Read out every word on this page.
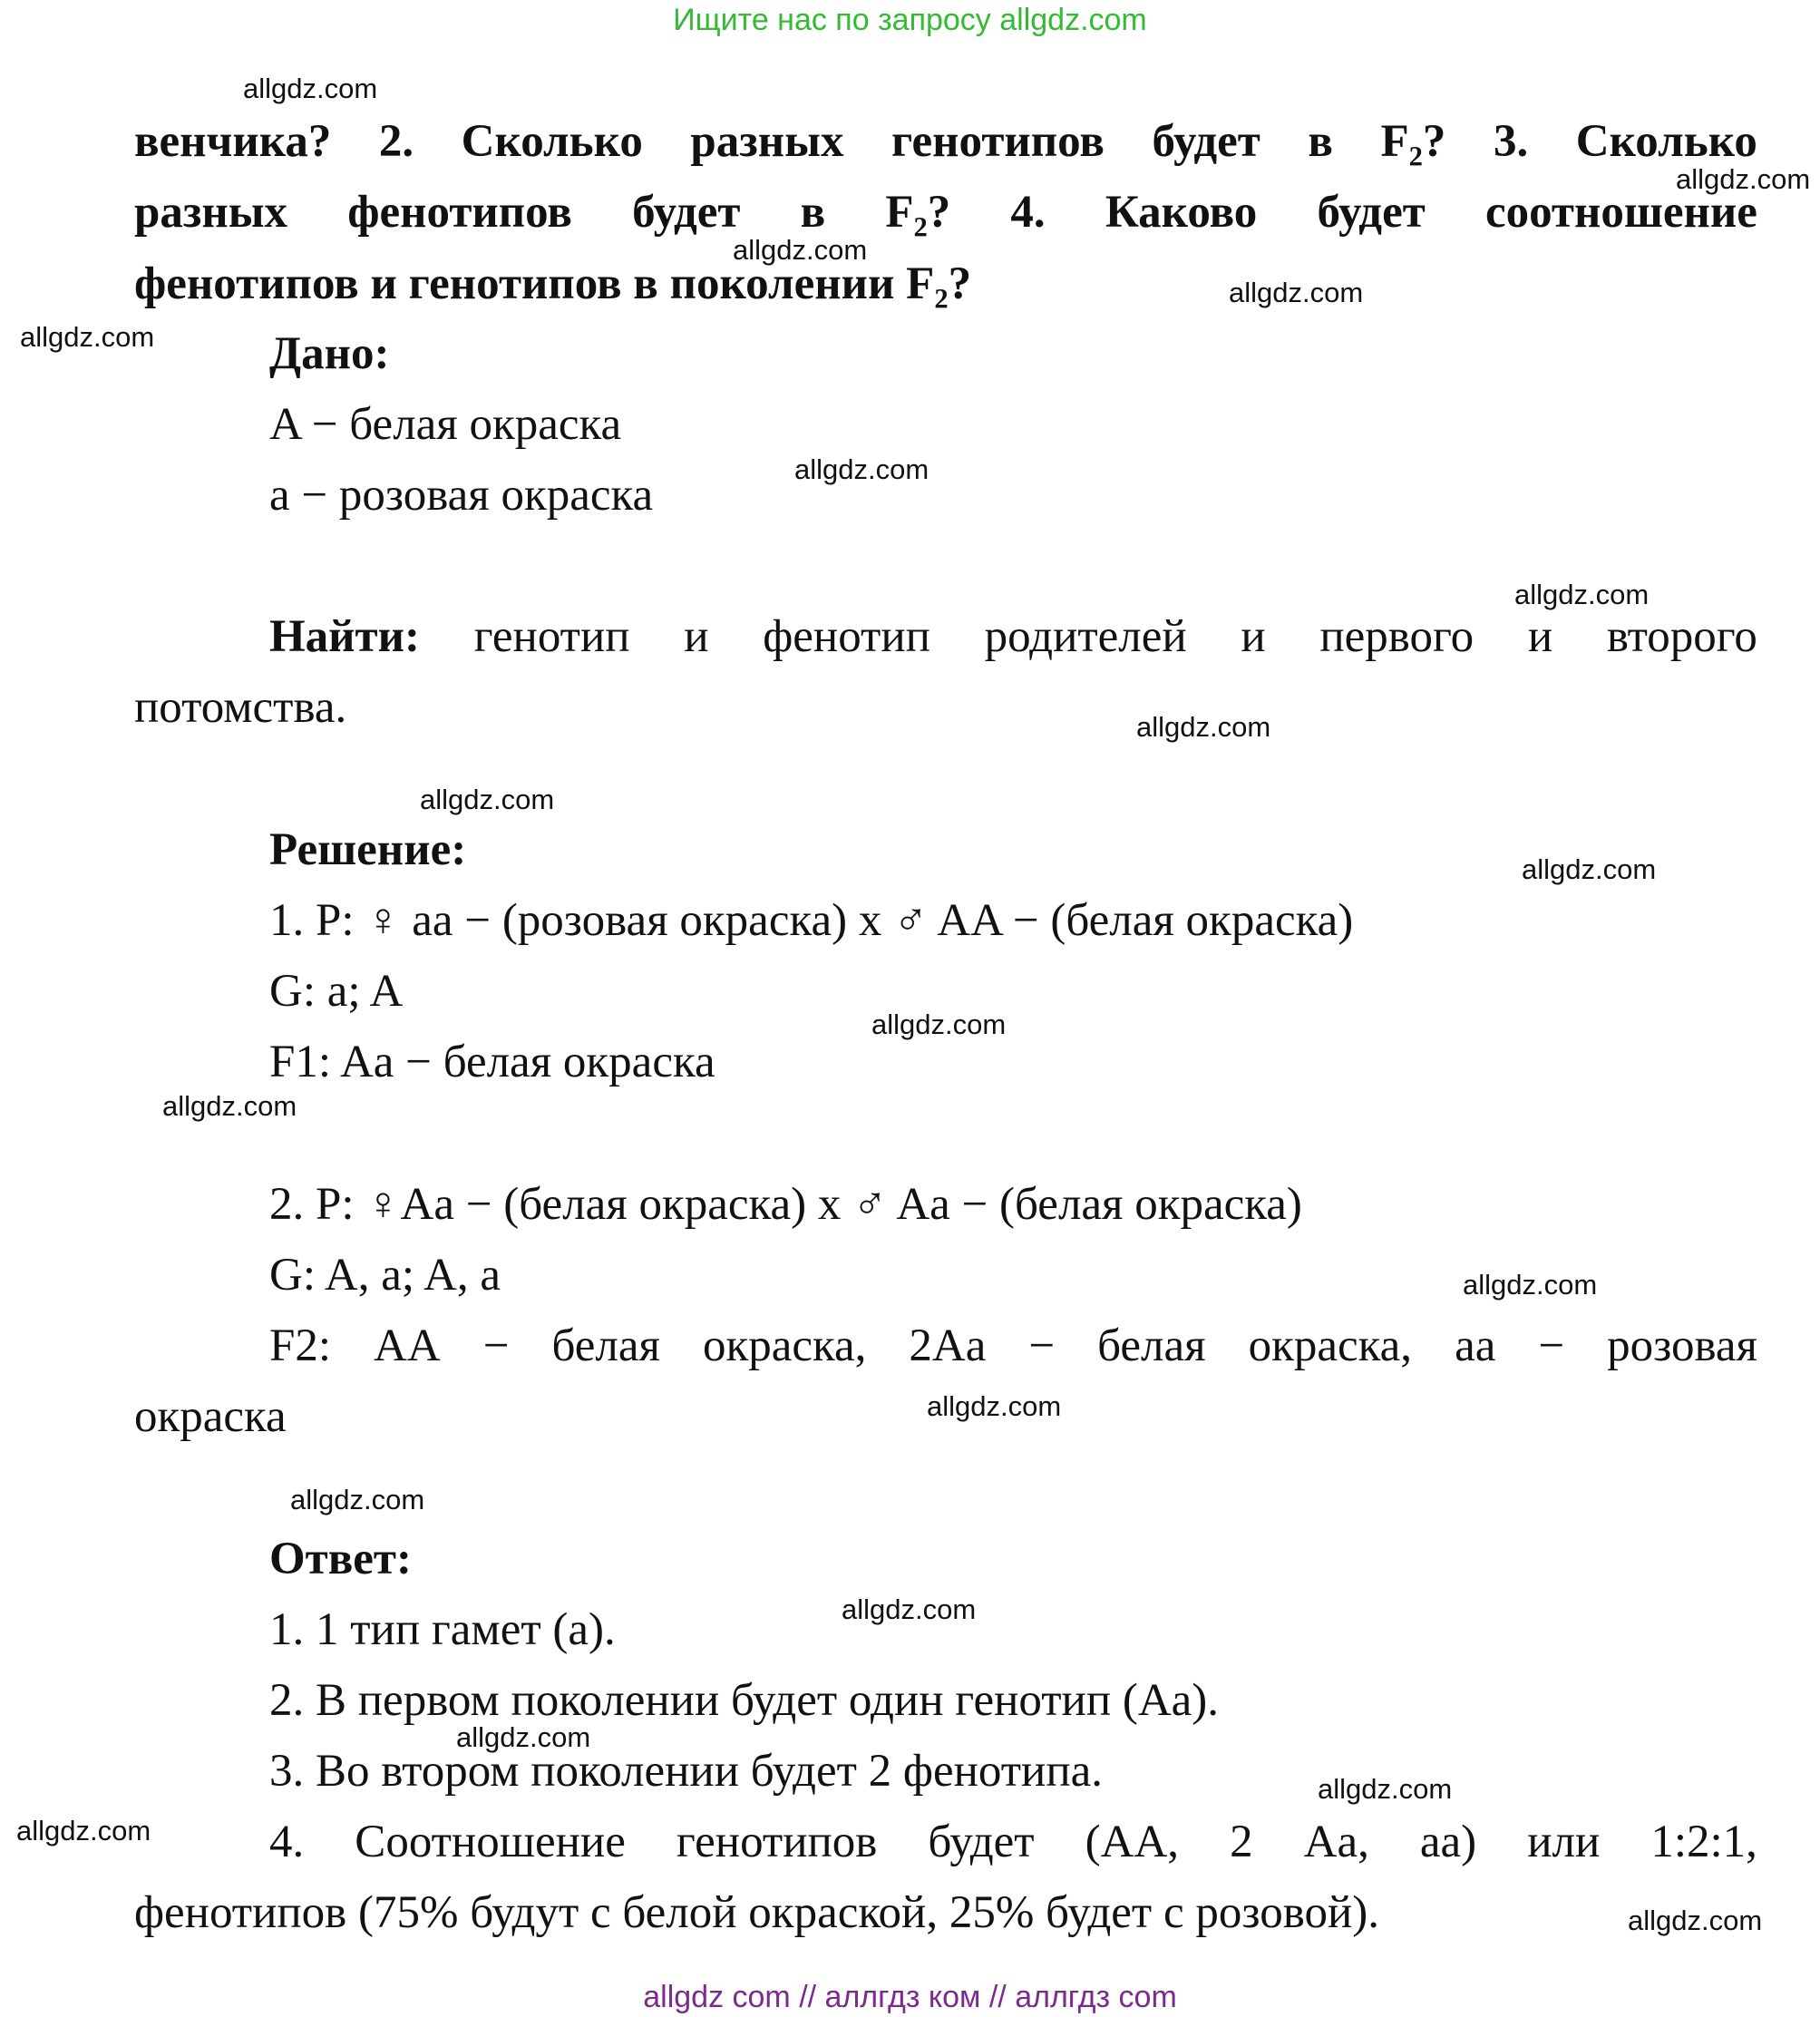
Ищите нас по запросу allgdz.com
венчика? 2. Сколько разных генотипов будет в F₂? 3. Сколько
разных фенотипов будет в F₂? 4. Каково будет соотношение
фенотипов и генотипов в поколении F₂?
Дано:
A − белая окраска
a − розовая окраска
Найти: генотип и фенотип родителей и первого и второго
потомства.
Решение:
1. P: ♀ aa − (розовая окраска) x ♂ AA − (белая окраска)
G: a; A
F1: Aa − белая окраска
2. P: ♀Aa − (белая окраска) x ♂ Aa − (белая окраска)
G: A, a; A, a
F2: AA − белая окраска, 2Aa − белая окраска, aa − розовая
окраска
Ответ:
1. 1 тип гамет (a).
2. В первом поколении будет один генотип (Aa).
3. Во втором поколении будет 2 фенотипа.
4. Соотношение генотипов будет (AA, 2 Aa, aa) или 1:2:1,
фенотипов (75% будут с белой окраской, 25% будет с розовой).
allgdz.com
allgdz.com
allgdz.com
allgdz.com
allgdz.com
allgdz.com
allgdz.com
allgdz.com
allgdz.com
allgdz.com
allgdz.com
allgdz.com
allgdz.com
allgdz.com
allgdz.com
allgdz.com
allgdz.com
allgdz.com
allgdz.com
allgdz.com
allgdz com // аллгдз ком // аллгдз com
